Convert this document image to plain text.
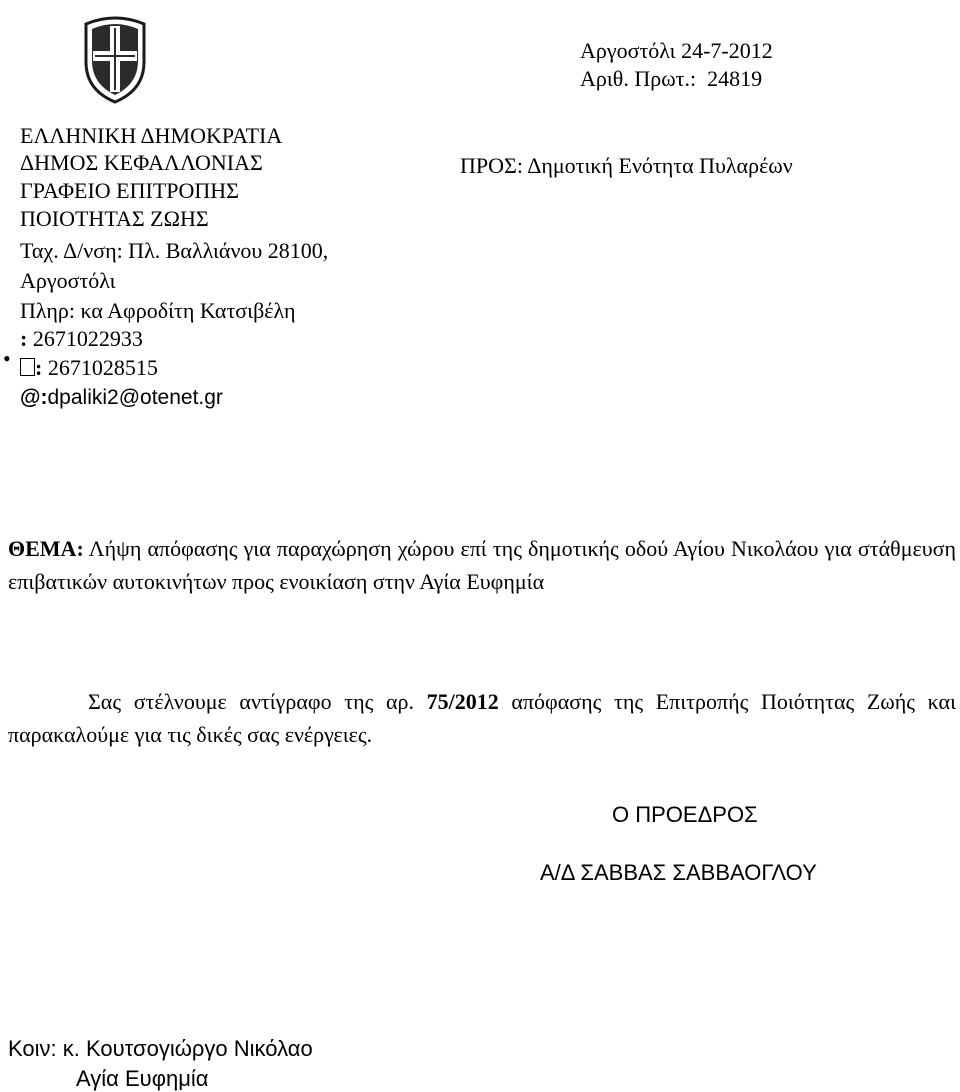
ΕΛΛΗΝΙΚΗ ΔΗΜΟΚΡΑΤΙΑ
ΔΗΜΟΣ ΚΕΦΑΛΛΟΝΙΑΣ
ΓΡΑΦΕΙΟ ΕΠΙΤΡΟΠΗΣ
ΠΟΙΟΤΗΤΑΣ ΖΩΗΣ
Ταχ. Δ/νση: Πλ. Βαλλιάνου 28100,
Αργοστόλι
Πληρ: κα Αφροδίτη Κατσιβέλη
•
: 2671022933
: 2671028515
@:dpaliki2@otenet.gr
Αργοστόλι 24-7-2012
Αριθ. Πρωτ.:  24819
ΠΡΟΣ: Δημοτική Ενότητα Πυλαρέων
ΘΕΜΑ: Λήψη απόφασης για παραχώρηση χώρου επί της δημοτικής οδού Αγίου Νικολάου για στάθμευση επιβατικών αυτοκινήτων προς ενοικίαση στην Αγία Ευφημία
Σας στέλνουμε αντίγραφο της αρ. 75/2012 απόφασης της Επιτροπής Ποιότητας Ζωής και παρακαλούμε για τις δικές σας ενέργειες.
Ο ΠΡΟΕΔΡΟΣ
Α/Δ ΣΑΒΒΑΣ ΣΑΒΒΑΟΓΛΟΥ
Κοιν: κ. Κουτσογιώργο Νικόλαο
Αγία Ευφημία
